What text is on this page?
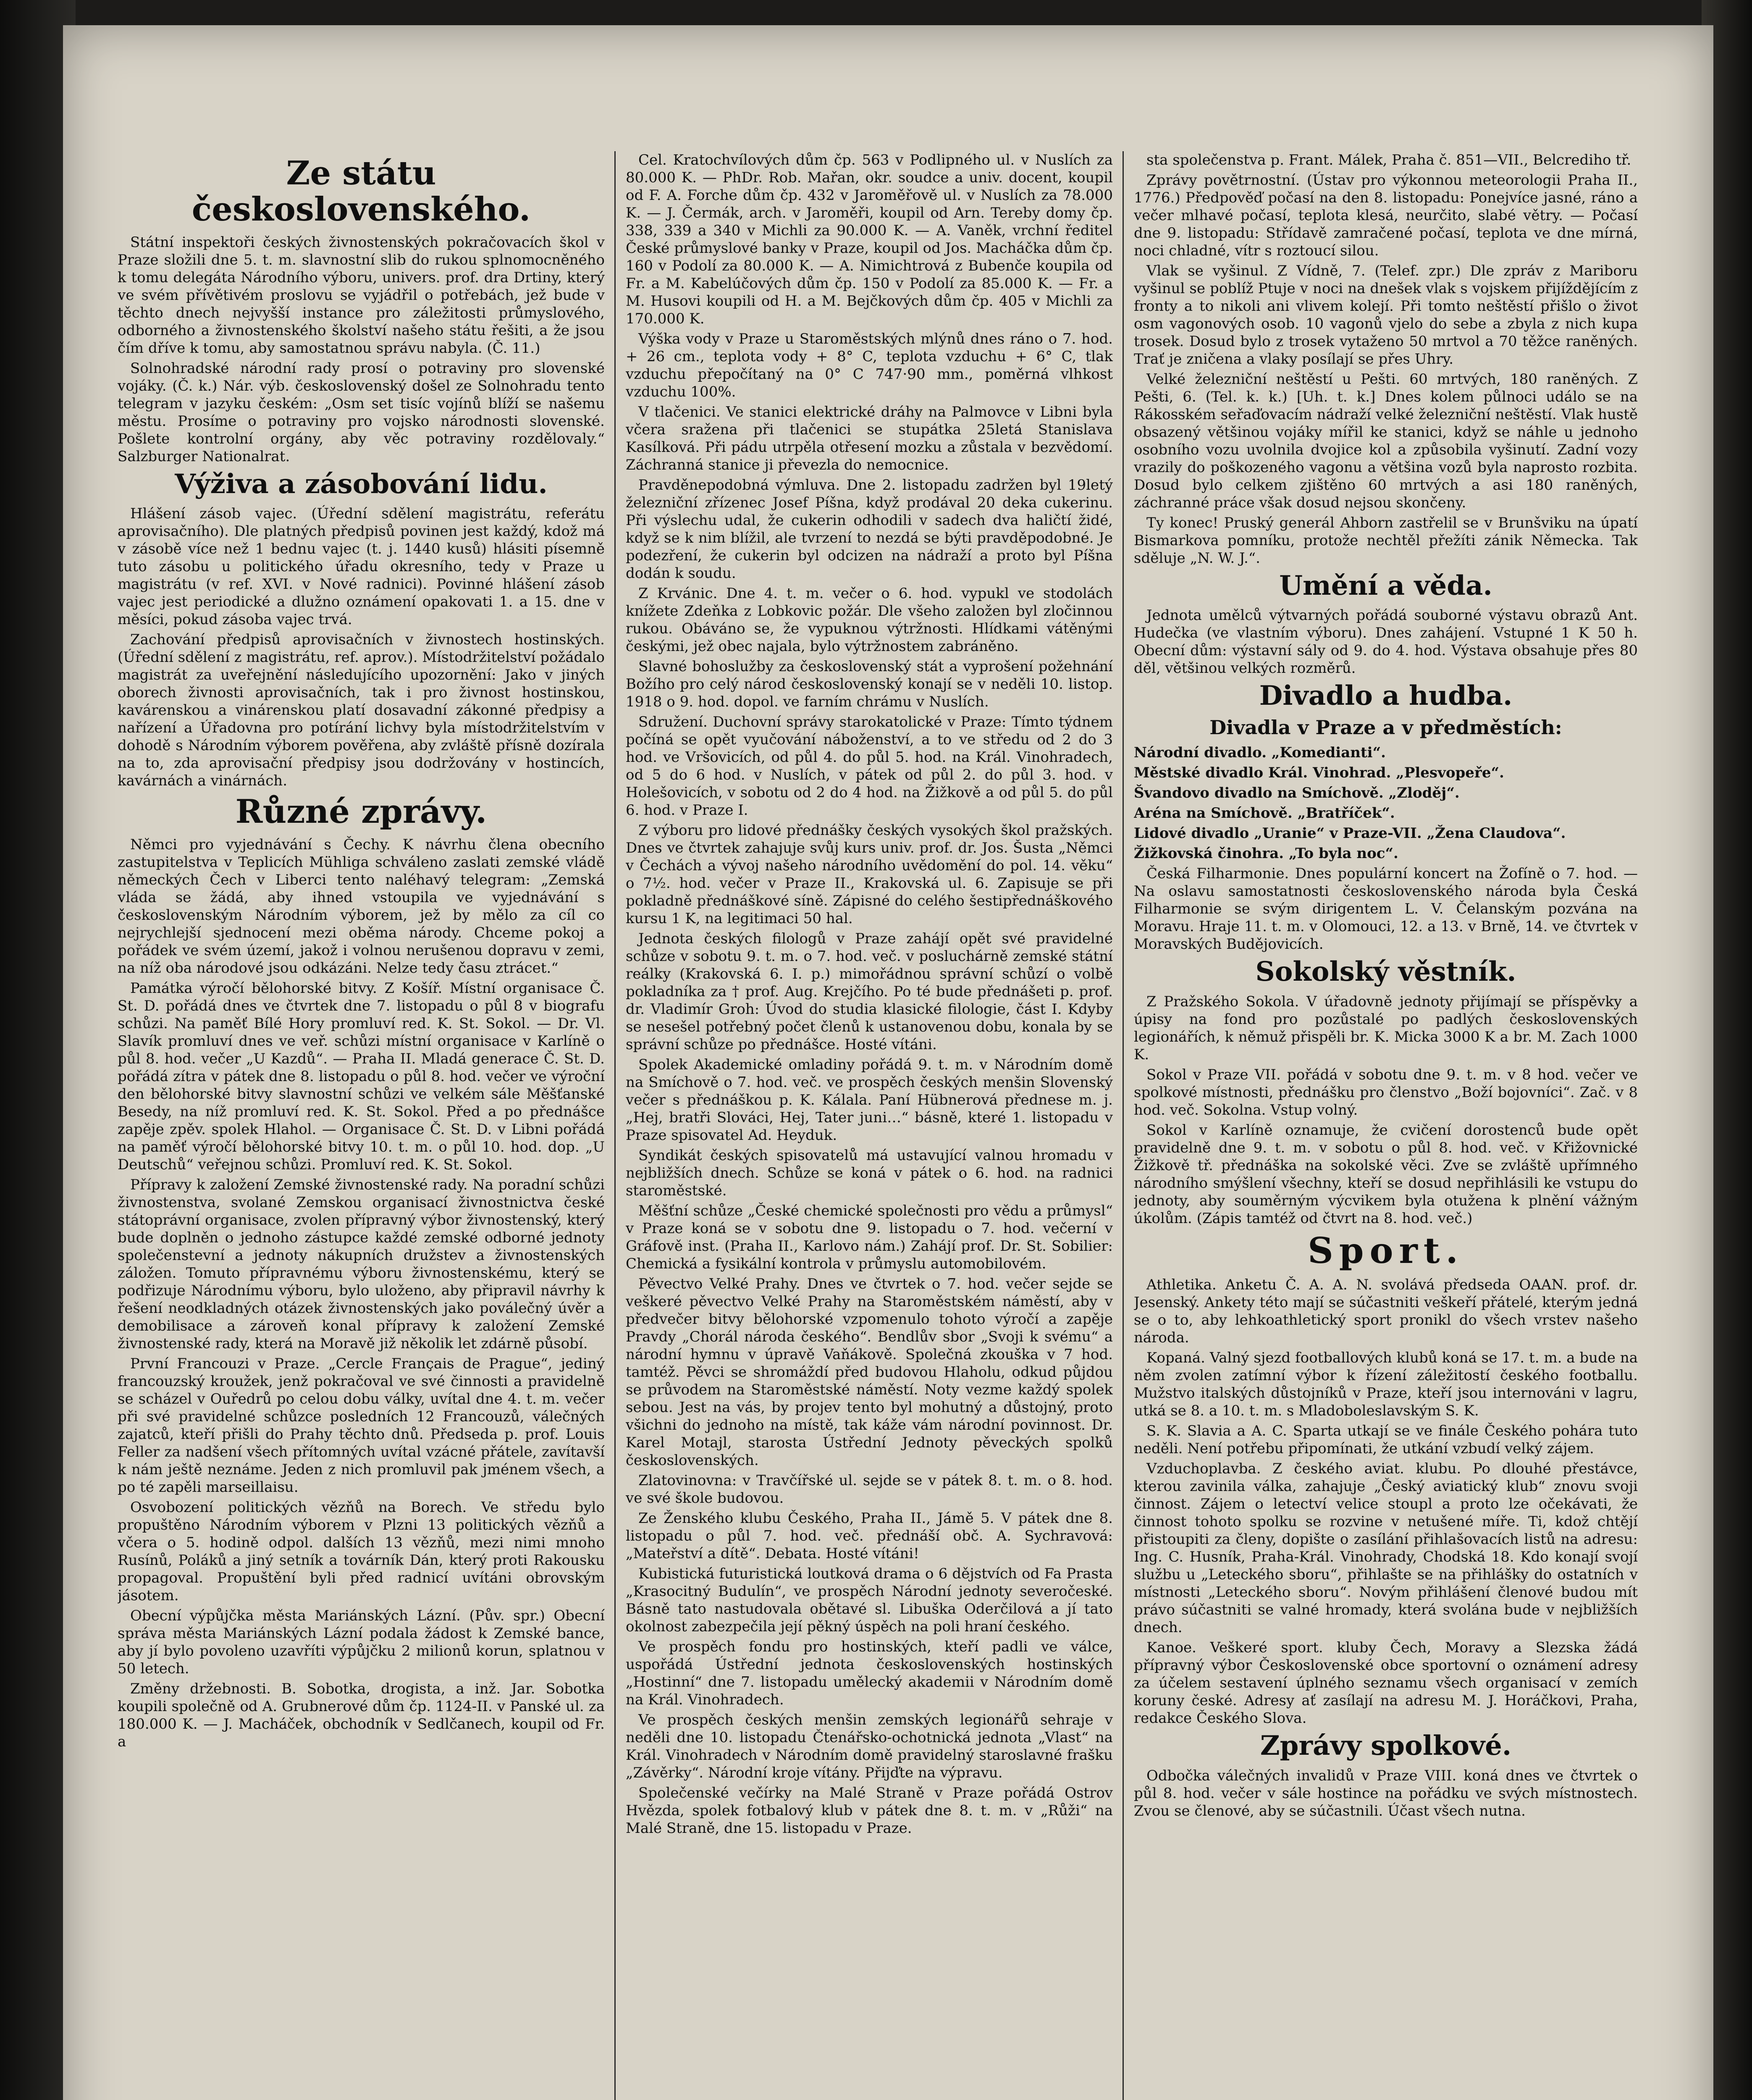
Ze státu československého.

Státní inspektoři českých živnostenských pokračovacích škol v Praze složili dne 5. t. m. slavnostní slib do rukou splnomocněného k tomu delegáta Národního výboru, univers. prof. dra Drtiny, který ve svém přívětivém proslovu se vyjádřil o potřebách, jež bude v těchto dnech nejvyšší instance pro záležitosti průmyslového, odborného a živnostenského školství našeho státu řešiti, a že jsou čím dříve k tomu, aby samostatnou správu nabyla. (Č. 11.)

Solnohradské národní rady prosí o potraviny pro slovenské vojáky. (Č. k.) Nár. výb. československý došel ze Solnohradu tento telegram v jazyku českém: „Osm set tisíc vojínů blíží se našemu městu. Prosíme o potraviny pro vojsko národnosti slovenské. Pošlete kontrolní orgány, aby věc potraviny rozdělovaly.“ Salzburger Nationalrat.

Výživa a zásobování lidu.

Hlášení zásob vajec. (Úřední sdělení magistrátu, referátu aprovisačního). Dle platných předpisů povinen jest každý, kdož má v zásobě více než 1 bednu vajec (t. j. 1440 kusů) hlásiti písemně tuto zásobu u politického úřadu okresního, tedy v Praze u magistrátu (v ref. XVI. v Nové radnici). Povinné hlášení zásob vajec jest periodické a dlužno oznámení opakovati 1. a 15. dne v měsíci, pokud zásoba vajec trvá.

Zachování předpisů aprovisačních v živnostech hostinských. (Úřední sdělení z magistrátu, ref. aprov.). Místodržitelství požádalo magistrát za uveřejnění následujícího upozornění: Jako v jiných oborech živnosti aprovisačních, tak i pro živnost hostinskou, kavárenskou a vinárenskou platí dosavadní zákonné předpisy a nařízení a Úřadovna pro potírání lichvy byla místodržitelstvím v dohodě s Národním výborem pověřena, aby zvláště přísně dozírala na to, zda aprovisační předpisy jsou dodržovány v hostincích, kavárnách a vinárnách.

Různé zprávy.

Němci pro vyjednávání s Čechy. K návrhu člena obecního zastupitelstva v Teplicích Mühliga schváleno zaslati zemské vládě německých Čech v Liberci tento naléhavý telegram: „Zemská vláda se žádá, aby ihned vstoupila ve vyjednávání s československým Národním výborem, jež by mělo za cíl co nejrychlejší sjednocení mezi oběma národy. Chceme pokoj a pořádek ve svém území, jakož i volnou nerušenou dopravu v zemi, na níž oba národové jsou odkázáni. Nelze tedy času ztrácet.“

Památka výročí bělohorské bitvy. Z Košíř. Místní organisace Č. St. D. pořádá dnes ve čtvrtek dne 7. listopadu o půl 8 v biografu schůzi. Na paměť Bílé Hory promluví red. K. St. Sokol. — Dr. Vl. Slavík promluví dnes ve veř. schůzi místní organisace v Karlíně o půl 8. hod. večer „U Kazdů“. — Praha II. Mladá generace Č. St. D. pořádá zítra v pátek dne 8. listopadu o půl 8. hod. večer ve výroční den bělohorské bitvy slavnostní schůzi ve velkém sále Měšťanské Besedy, na níž promluví red. K. St. Sokol. Před a po přednášce zapěje zpěv. spolek Hlahol. — Organisace Č. St. D. v Libni pořádá na paměť výročí bělohorské bitvy 10. t. m. o půl 10. hod. dop. „U Deutschů“ veřejnou schůzi. Promluví red. K. St. Sokol.

Přípravy k založení Zemské živnostenské rady. Na poradní schůzi živnostenstva, svolané Zemskou organisací živnostnictva české státoprávní organisace, zvolen přípravný výbor živnostenský, který bude doplněn o jednoho zástupce každé zemské odborné jednoty společenstevní a jednoty nákupních družstev a živnostenských záložen. Tomuto přípravnému výboru živnostenskému, který se podřizuje Národnímu výboru, bylo uloženo, aby připravil návrhy k řešení neodkladných otázek živnostenských jako poválečný úvěr a demobilisace a zároveň konal přípravy k založení Zemské živnostenské rady, která na Moravě již několik let zdárně působí.

První Francouzi v Praze. „Cercle Français de Prague“, jediný francouzský kroužek, jenž pokračoval ve své činnosti a pravidelně se scházel v Ouředrů po celou dobu války, uvítal dne 4. t. m. večer při své pravidelné schůzce posledních 12 Francouzů, válečných zajatců, kteří přišli do Prahy těchto dnů. Předseda p. prof. Louis Feller za nadšení všech přítomných uvítal vzácné přátele, zavítavší k nám ještě neznáme. Jeden z nich promluvil pak jménem všech, a po té zapěli marseillaisu.

Osvobození politických vězňů na Borech. Ve středu bylo propuštěno Národním výborem v Plzni 13 politických vězňů a včera o 5. hodině odpol. dalších 13 vězňů, mezi nimi mnoho Rusínů, Poláků a jiný setník a továrník Dán, který proti Rakousku propagoval. Propuštění byli před radnicí uvítáni obrovským jásotem.

Obecní výpůjčka města Mariánských Lázní. (Pův. spr.) Obecní správa města Mariánských Lázní podala žádost k Zemské bance, aby jí bylo povoleno uzavříti výpůjčku 2 milionů korun, splatnou v 50 letech.

Změny držebnosti. B. Sobotka, drogista, a inž. Jar. Sobotka koupili společně od A. Grubnerové dům čp. 1124-II. v Panské ul. za 180.000 K. — J. Macháček, obchodník v Sedlčanech, koupil od Fr. a

Cel. Kratochvílových dům čp. 563 v Podlipného ul. v Nuslích za 80.000 K. — PhDr. Rob. Mařan, okr. soudce a univ. docent, koupil od F. A. Forche dům čp. 432 v Jaroměřově ul. v Nuslích za 78.000 K. — J. Čermák, arch. v Jaroměři, koupil od Arn. Tereby domy čp. 338, 339 a 340 v Michli za 90.000 K. — A. Vaněk, vrchní ředitel České průmyslové banky v Praze, koupil od Jos. Macháčka dům čp. 160 v Podolí za 80.000 K. — A. Nimichtrová z Bubenče koupila od Fr. a M. Kabelúčových dům čp. 150 v Podolí za 85.000 K. — Fr. a M. Husovi koupili od H. a M. Bejčkových dům čp. 405 v Michli za 170.000 K.

Výška vody v Praze u Staroměstských mlýnů dnes ráno o 7. hod. + 26 cm., teplota vody + 8° C, teplota vzduchu + 6° C, tlak vzduchu přepočítaný na 0° C 747·90 mm., poměrná vlhkost vzduchu 100%.

V tlačenici. Ve stanici elektrické dráhy na Palmovce v Libni byla včera sražena při tlačenici se stupátka 25letá Stanislava Kasílková. Při pádu utrpěla otřesení mozku a zůstala v bezvědomí. Záchranná stanice ji převezla do nemocnice.

Pravděnepodobná výmluva. Dne 2. listopadu zadržen byl 19letý železniční zřízenec Josef Píšna, když prodával 20 deka cukerinu. Při výslechu udal, že cukerin odhodili v sadech dva haličtí židé, když se k nim blížil, ale tvrzení to nezdá se býti pravděpodobné. Je podezření, že cukerin byl odcizen na nádraží a proto byl Píšna dodán k soudu.

Z Krvánic. Dne 4. t. m. večer o 6. hod. vypukl ve stodolách knížete Zdeňka z Lobkovic požár. Dle všeho založen byl zločinnou rukou. Obáváno se, že vypuknou výtržnosti. Hlídkami vátěnými českými, jež obec najala, bylo výtržnostem zabráněno.

Slavné bohoslužby za československý stát a vyprošení požehnání Božího pro celý národ československý konají se v neděli 10. listop. 1918 o 9. hod. dopol. ve farním chrámu v Nuslích.

Sdružení. Duchovní správy starokatolické v Praze: Tímto týdnem počíná se opět vyučování náboženství, a to ve středu od 2 do 3 hod. ve Vršovicích, od půl 4. do půl 5. hod. na Král. Vinohradech, od 5 do 6 hod. v Nuslích, v pátek od půl 2. do půl 3. hod. v Holešovicích, v sobotu od 2 do 4 hod. na Žižkově a od půl 5. do půl 6. hod. v Praze I.

Z výboru pro lidové přednášky českých vysokých škol pražských. Dnes ve čtvrtek zahajuje svůj kurs univ. prof. dr. Jos. Šusta „Němci v Čechách a vývoj našeho národního uvědomění do pol. 14. věku“ o 7½. hod. večer v Praze II., Krakovská ul. 6. Zapisuje se při pokladně přednáškové síně. Zápisné do celého šestipřednáškového kursu 1 K, na legitimaci 50 hal.

Jednota českých filologů v Praze zahájí opět své pravidelné schůze v sobotu 9. t. m. o 7. hod. več. v posluchárně zemské státní reálky (Krakovská 6. I. p.) mimořádnou správní schůzí o volbě pokladníka za † prof. Aug. Krejčího. Po té bude přednášeti p. prof. dr. Vladimír Groh: Úvod do studia klasické filologie, část I. Kdyby se nesešel potřebný počet členů k ustanovenou dobu, konala by se správní schůze po přednášce. Hosté vítáni.

Spolek Akademické omladiny pořádá 9. t. m. v Národním domě na Smíchově o 7. hod. več. ve prospěch českých menšin Slovenský večer s přednáškou p. K. Kálala. Paní Hübnerová přednese m. j. „Hej, bratři Slováci, Hej, Tater juni…“ básně, které 1. listopadu v Praze spisovatel Ad. Heyduk.

Syndikát českých spisovatelů má ustavující valnou hromadu v nejbližších dnech. Schůze se koná v pátek o 6. hod. na radnici staroměstské.

Měšťní schůze „České chemické společnosti pro vědu a průmysl“ v Praze koná se v sobotu dne 9. listopadu o 7. hod. večerní v Gráfově inst. (Praha II., Karlovo nám.) Zahájí prof. Dr. St. Sobilier: Chemická a fysikální kontrola v průmyslu automobilovém.

Pěvectvo Velké Prahy. Dnes ve čtvrtek o 7. hod. večer sejde se veškeré pěvectvo Velké Prahy na Staroměstském náměstí, aby v předvečer bitvy bělohorské vzpomenulo tohoto výročí a zapěje Pravdy „Chorál národa českého“. Bendlův sbor „Svoji k svému“ a národní hymnu v úpravě Vaňákově. Společná zkouška v 7 hod. tamtéž. Pěvci se shromáždí před budovou Hlaholu, odkud půjdou se průvodem na Staroměstské náměstí. Noty vezme každý spolek sebou. Jest na vás, by projev tento byl mohutný a důstojný, proto všichni do jednoho na místě, tak káže vám národní povinnost. Dr. Karel Motajl, starosta Ústřední Jednoty pěveckých spolků československých.

Zlatovinovna: v Travčířské ul. sejde se v pátek 8. t. m. o 8. hod. ve své škole budovou.

Ze Ženského klubu Českého, Praha II., Jámě 5. V pátek dne 8. listopadu o půl 7. hod. več. přednáší obč. A. Sychravová: „Mateřství a dítě“. Debata. Hosté vítáni!

Kubistická futuristická loutková drama o 6 dějstvích od Fa Prasta „Krasocitný Budulín“, ve prospěch Národní jednoty severočeské. Básně tato nastudovala obětavé sl. Libuška Oderčilová a jí tato okolnost zabezpečila její pěkný úspěch na poli hraní českého.

Ve prospěch fondu pro hostinských, kteří padli ve válce, uspořádá Ústřední jednota československých hostinských „Hostinní“ dne 7. listopadu umělecký akademii v Národním domě na Král. Vinohradech.

Ve prospěch českých menšin zemských legionářů sehraje v neděli dne 10. listopadu Čtenářsko-ochotnická jednota „Vlast“ na Král. Vinohradech v Národním domě pravidelný staroslavné frašku „Závěrky“. Národní kroje vítány. Přijďte na výpravu.

Společenské večírky na Malé Straně v Praze pořádá Ostrov Hvězda, spolek fotbalový klub v pátek dne 8. t. m. v „Růži“ na Malé Straně, dne 15. listopadu v Praze.

sta společenstva p. Frant. Málek, Praha č. 851—VII., Belcrediho tř.

Zprávy povětrnostní. (Ústav pro výkonnou meteorologii Praha II., 1776.) Předpověď počasí na den 8. listopadu: Ponejvíce jasné, ráno a večer mlhavé počasí, teplota klesá, neurčito, slabé větry. — Počasí dne 9. listopadu: Střídavě zamračené počasí, teplota ve dne mírná, noci chladné, vítr s roztoucí silou.

Vlak se vyšinul. Z Vídně, 7. (Telef. zpr.) Dle zpráv z Mariboru vyšinul se poblíž Ptuje v noci na dnešek vlak s vojskem přijíždějícím z fronty a to nikoli ani vlivem kolejí. Při tomto neštěstí přišlo o život osm vagonových osob. 10 vagonů vjelo do sebe a zbyla z nich kupa trosek. Dosud bylo z trosek vytaženo 50 mrtvol a 70 těžce raněných. Trať je zničena a vlaky posílají se přes Uhry.

Velké železniční neštěstí u Pešti. 60 mrtvých, 180 raněných. Z Pešti, 6. (Tel. k. k.) [Uh. t. k.] Dnes kolem půlnoci událo se na Rákosském seřaďovacím nádraží velké železniční neštěstí. Vlak hustě obsazený většinou vojáky mířil ke stanici, když se náhle u jednoho osobního vozu uvolnila dvojice kol a způsobila vyšinutí. Zadní vozy vrazily do poškozeného vagonu a většina vozů byla naprosto rozbita. Dosud bylo celkem zjištěno 60 mrtvých a asi 180 raněných, záchranné práce však dosud nejsou skončeny.

Ty konec! Pruský generál Ahborn zastřelil se v Brunšviku na úpatí Bismarkova pomníku, protože nechtěl přežíti zánik Německa. Tak sděluje „N. W. J.“.

Umění a věda.

Jednota umělců výtvarných pořádá souborné výstavu obrazů Ant. Hudečka (ve vlastním výboru). Dnes zahájení. Vstupné 1 K 50 h. Obecní dům: výstavní sály od 9. do 4. hod. Výstava obsahuje přes 80 děl, většinou velkých rozměrů.

Divadlo a hudba.
Divadla v Praze a v předměstích:

Národní divadlo. „Komedianti“.

Městské divadlo Král. Vinohrad. „Plesvopeře“.

Švandovo divadlo na Smíchově. „Zloděj“.

Aréna na Smíchově. „Bratříček“.

Lidové divadlo „Uranie“ v Praze-VII. „Žena Claudova“.

Žižkovská činohra. „To byla noc“.

Česká Filharmonie. Dnes populární koncert na Žofíně o 7. hod. — Na oslavu samostatnosti československého národa byla Česká Filharmonie se svým dirigentem L. V. Čelanským pozvána na Moravu. Hraje 11. t. m. v Olomouci, 12. a 13. v Brně, 14. ve čtvrtek v Moravských Budějovicích.

Sokolský věstník.

Z Pražského Sokola. V úřadovně jednoty přijímají se příspěvky a úpisy na fond pro pozůstalé po padlých československých legionářích, k němuž přispěli br. K. Micka 3000 K a br. M. Zach 1000 K.

Sokol v Praze VII. pořádá v sobotu dne 9. t. m. v 8 hod. večer ve spolkové místnosti, přednášku pro členstvo „Boží bojovníci“. Zač. v 8 hod. več. Sokolna. Vstup volný.

Sokol v Karlíně oznamuje, že cvičení dorostenců bude opět pravidelně dne 9. t. m. v sobotu o půl 8. hod. več. v Křižovnické Žižkově tř. přednáška na sokolské věci. Zve se zvláště upřímného národního smýšlení všechny, kteří se dosud nepřihlásili ke vstupu do jednoty, aby souměrným výcvikem byla otužena k plnění vážným úkolům. (Zápis tamtéž od čtvrt na 8. hod. več.)

Sport.

Athletika. Anketu Č. A. A. N. svolává předseda OAAN. prof. dr. Jesenský. Ankety této mají se súčastniti veškeří přátelé, kterým jedná se o to, aby lehkoathletický sport pronikl do všech vrstev našeho národa.

Kopaná. Valný sjezd footballových klubů koná se 17. t. m. a bude na něm zvolen zatímní výbor k řízení záležitostí českého footballu. Mužstvo italských důstojníků v Praze, kteří jsou internováni v lagru, utká se 8. a 10. t. m. s Mladoboleslavským S. K.

S. K. Slavia a A. C. Sparta utkají se ve finále Českého pohára tuto neděli. Není potřebu připomínati, že utkání vzbudí velký zájem.

Vzduchoplavba. Z českého aviat. klubu. Po dlouhé přestávce, kterou zavinila válka, zahajuje „Český aviatický klub“ znovu svoji činnost. Zájem o letectví velice stoupl a proto lze očekávati, že činnost tohoto spolku se rozvine v netušené míře. Ti, kdož chtějí přistoupiti za členy, dopište o zasílání přihlašovacích listů na adresu: Ing. C. Husník, Praha-Král. Vinohrady, Chodská 18. Kdo konají svojí službu u „Leteckého sboru“, přihlašte se na přihlášky do ostatních v místnosti „Leteckého sboru“. Novým přihlášení členové budou mít právo súčastniti se valné hromady, která svolána bude v nejbližších dnech.

Kanoe. Veškeré sport. kluby Čech, Moravy a Slezska žádá přípravný výbor Československé obce sportovní o oznámení adresy za účelem sestavení úplného seznamu všech organisací v zemích koruny české. Adresy ať zasílají na adresu M. J. Horáčkovi, Praha, redakce Českého Slova.

Zprávy spolkové.

Odbočka válečných invalidů v Praze VIII. koná dnes ve čtvrtek o půl 8. hod. večer v sále hostince na pořádku ve svých místnostech. Zvou se členové, aby se súčastnili. Účast všech nutna.
